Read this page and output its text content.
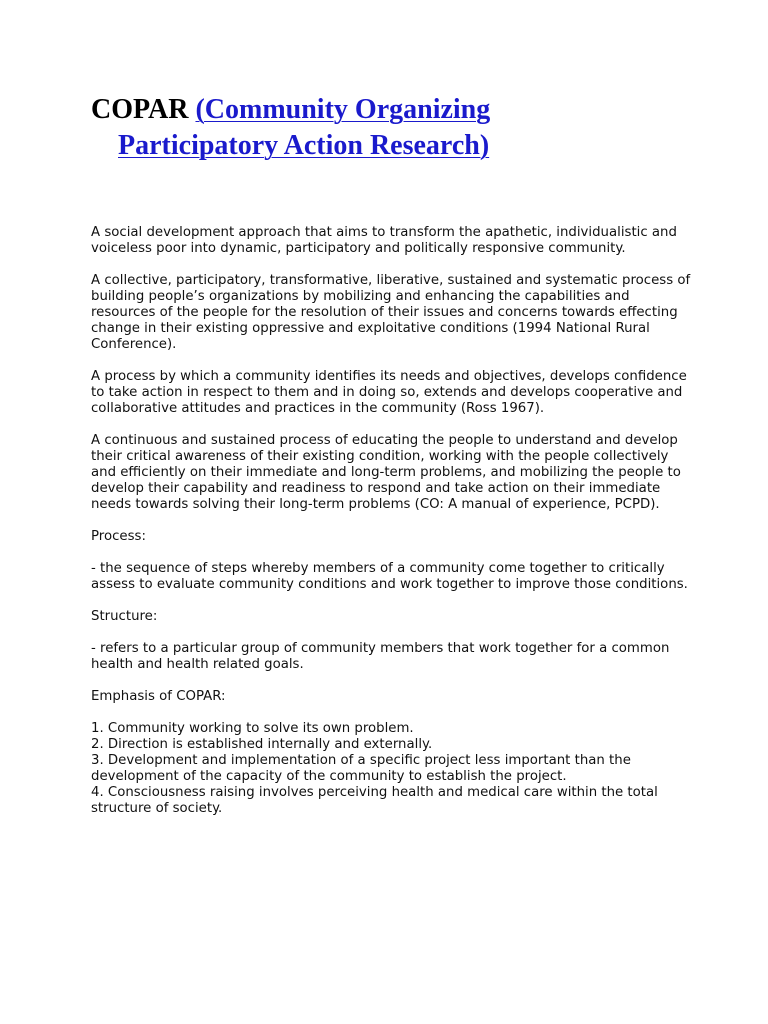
COPAR (Community Organizing
Participatory Action Research)

A social development approach that aims to transform the apathetic, individualistic and voiceless poor into dynamic, participatory and politically responsive community.

A collective, participatory, transformative, liberative, sustained and systematic process of building people’s organizations by mobilizing and enhancing the capabilities and resources of the people for the resolution of their issues and concerns towards effecting change in their existing oppressive and exploitative conditions (1994 National Rural Conference).

A process by which a community identifies its needs and objectives, develops confidence to take action in respect to them and in doing so, extends and develops cooperative and collaborative attitudes and practices in the community (Ross 1967).

A continuous and sustained process of educating the people to understand and develop their critical awareness of their existing condition, working with the people collectively and efficiently on their immediate and long-term problems, and mobilizing the people to develop their capability and readiness to respond and take action on their immediate needs towards solving their long-term problems (CO: A manual of experience, PCPD).

Process:

- the sequence of steps whereby members of a community come together to critically assess to evaluate community conditions and work together to improve those conditions.

Structure:

- refers to a particular group of community members that work together for a common health and health related goals.

Emphasis of COPAR:

1. Community working to solve its own problem.
2. Direction is established internally and externally.
3. Development and implementation of a specific project less important than the development of the capacity of the community to establish the project.
4. Consciousness raising involves perceiving health and medical care within the total structure of society.
